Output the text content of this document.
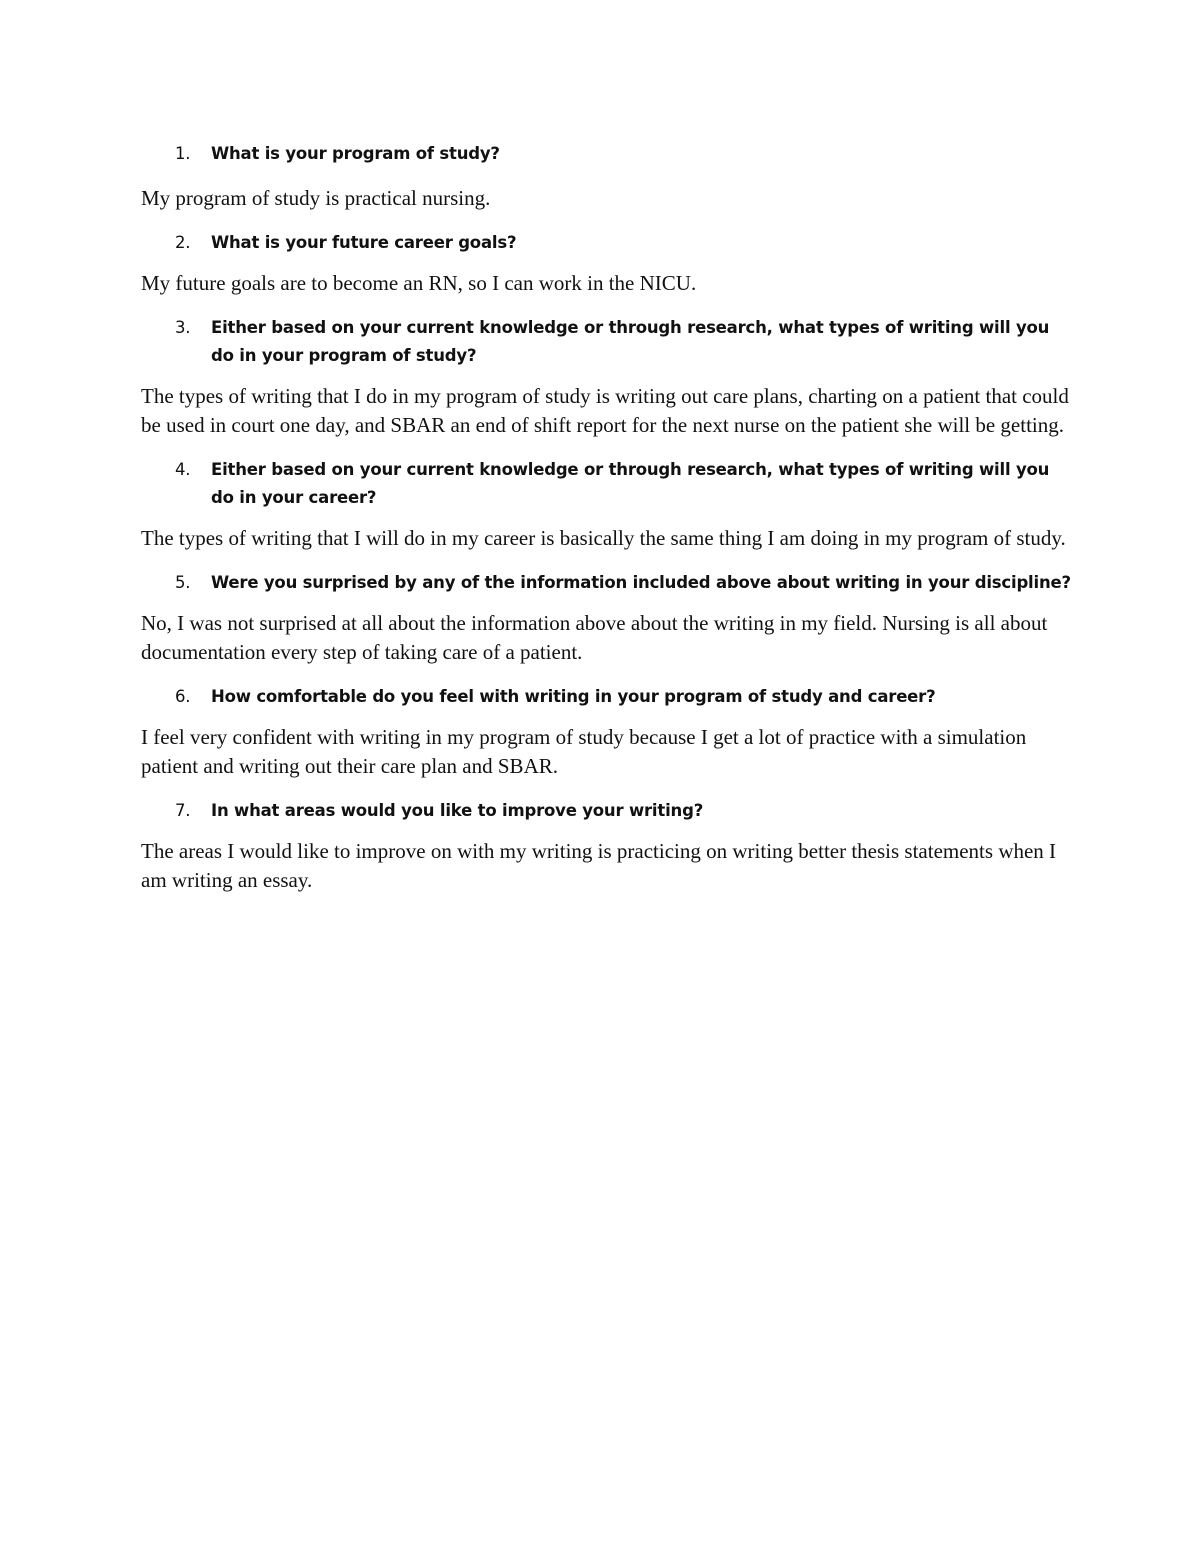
1. What is your program of study?

My program of study is practical nursing.

2. What is your future career goals?

My future goals are to become an RN, so I can work in the NICU.

3. Either based on your current knowledge or through research, what types of writing will you do in your program of study?

The types of writing that I do in my program of study is writing out care plans, charting on a patient that could be used in court one day, and SBAR an end of shift report for the next nurse on the patient she will be getting.

4. Either based on your current knowledge or through research, what types of writing will you do in your career?

The types of writing that I will do in my career is basically the same thing I am doing in my program of study.

5. Were you surprised by any of the information included above about writing in your discipline?

No, I was not surprised at all about the information above about the writing in my field. Nursing is all about documentation every step of taking care of a patient.

6. How comfortable do you feel with writing in your program of study and career?

I feel very confident with writing in my program of study because I get a lot of practice with a simulation patient and writing out their care plan and SBAR.

7. In what areas would you like to improve your writing?

The areas I would like to improve on with my writing is practicing on writing better thesis statements when I am writing an essay.
